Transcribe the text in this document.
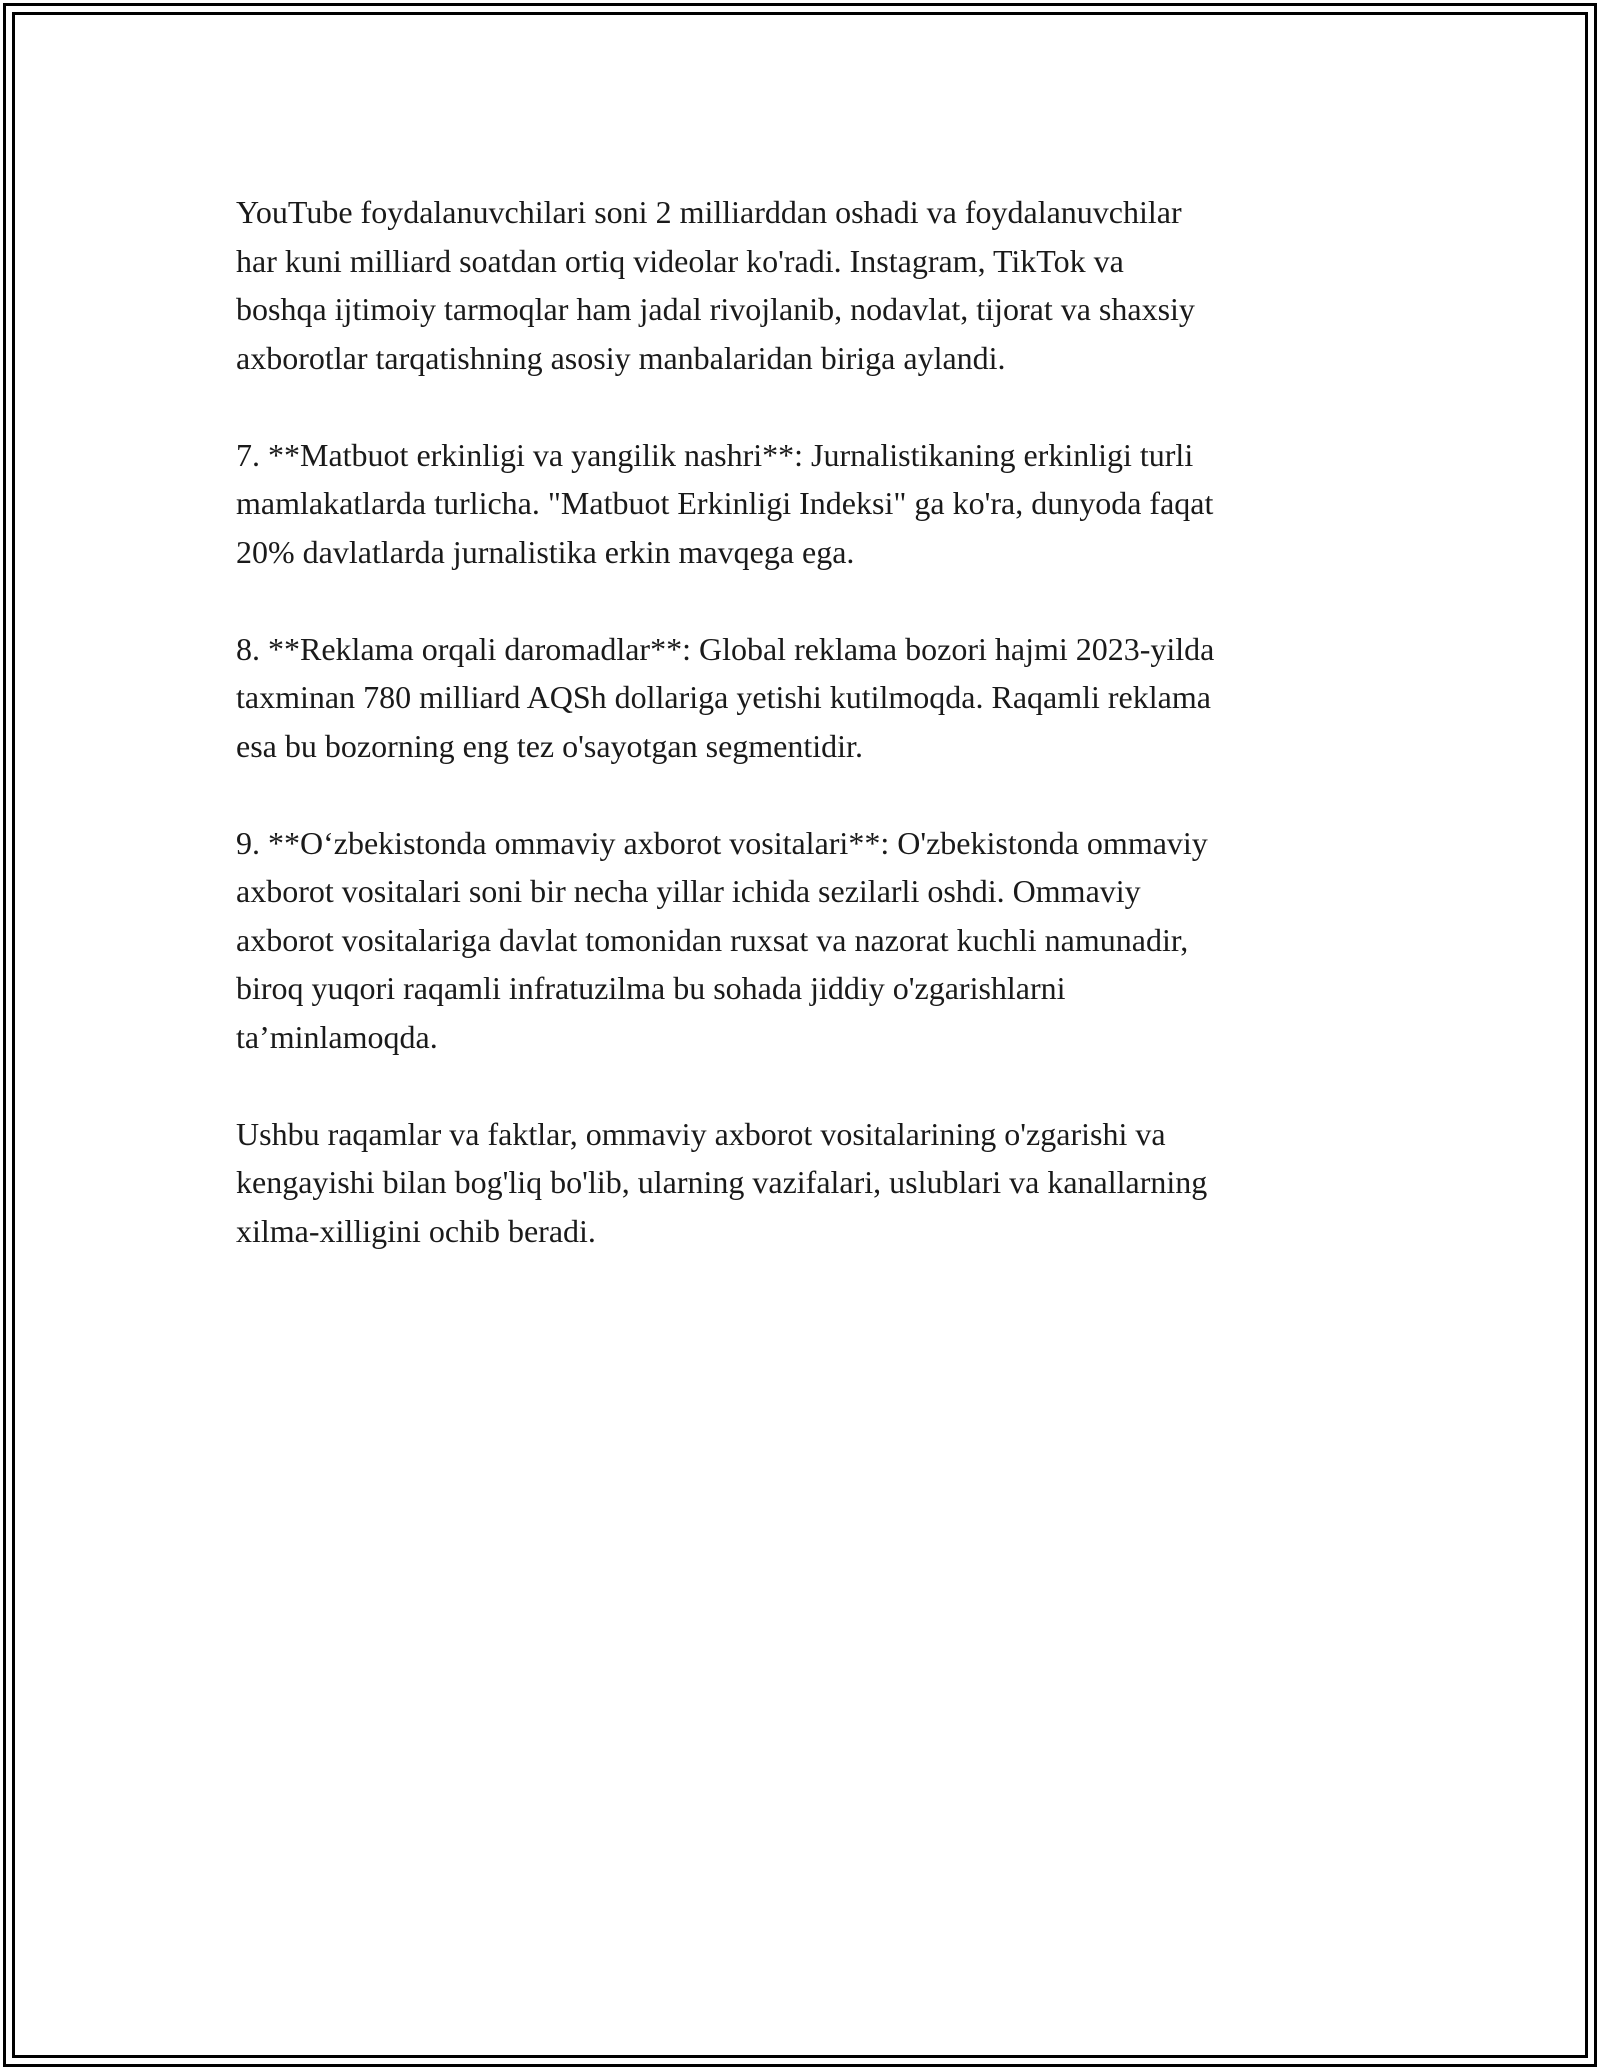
YouTube foydalanuvchilari soni 2 milliarddan oshadi va foydalanuvchilar
har kuni milliard soatdan ortiq videolar ko'radi. Instagram, TikTok va
boshqa ijtimoiy tarmoqlar ham jadal rivojlanib, nodavlat, tijorat va shaxsiy
axborotlar tarqatishning asosiy manbalaridan biriga aylandi.

7. **Matbuot erkinligi va yangilik nashri**: Jurnalistikaning erkinligi turli
mamlakatlarda turlicha. "Matbuot Erkinligi Indeksi" ga ko'ra, dunyoda faqat
20% davlatlarda jurnalistika erkin mavqega ega.

8. **Reklama orqali daromadlar**: Global reklama bozori hajmi 2023-yilda
taxminan 780 milliard AQSh dollariga yetishi kutilmoqda. Raqamli reklama
esa bu bozorning eng tez o'sayotgan segmentidir.

9. **O‘zbekistonda ommaviy axborot vositalari**: O'zbekistonda ommaviy
axborot vositalari soni bir necha yillar ichida sezilarli oshdi. Ommaviy
axborot vositalariga davlat tomonidan ruxsat va nazorat kuchli namunadir,
biroq yuqori raqamli infratuzilma bu sohada jiddiy o'zgarishlarni
ta’minlamoqda.

Ushbu raqamlar va faktlar, ommaviy axborot vositalarining o'zgarishi va
kengayishi bilan bog'liq bo'lib, ularning vazifalari, uslublari va kanallarning
xilma-xilligini ochib beradi.
